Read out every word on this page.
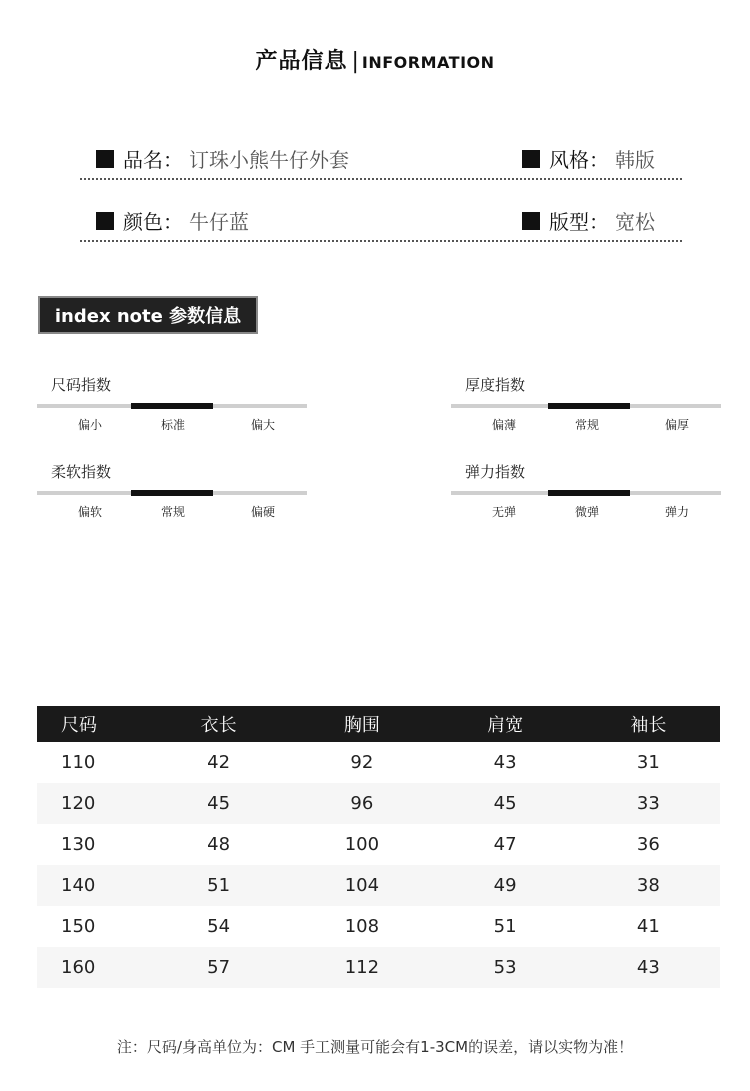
产品信息 | INFORMATION
品名： 订珠小熊牛仔外套	风格： 韩版
颜色： 牛仔蓝	版型： 宽松
index note 参数信息
尺码指数
偏小	标准	偏大
厚度指数
偏薄	常规	偏厚
柔软指数
偏软	常规	偏硬
弹力指数
无弹	微弹	弹力
尺码	衣长	胸围	肩宽	袖长
110	42	92	43	31
120	45	96	45	33
130	48	100	47	36
140	51	104	49	38
150	54	108	51	41
160	57	112	53	43
注：尺码/身高单位为：CM 手工测量可能会有1-3CM的误差，请以实物为准！
